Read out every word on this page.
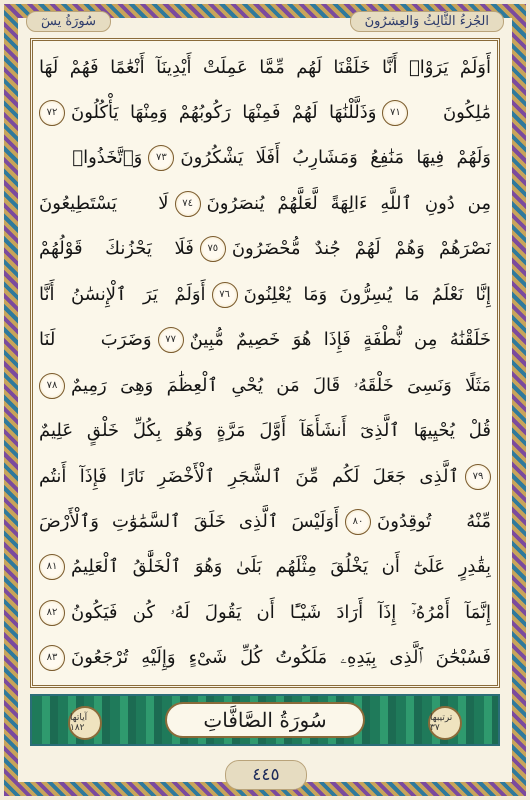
الجُزءُ الثَّالِثُ وَالعِشرُونَ
سُورَةُ يسٓ
أَوَلَمْ يَرَوْا۟ أَنَّا خَلَقْنَا لَهُم مِّمَّا عَمِلَتْ أَيْدِينَآ أَنْعَٰمًا فَهُمْ لَهَا
مَٰلِكُونَ
٧١
وَذَلَّلْنَٰهَا لَهُمْ فَمِنْهَا رَكُوبُهُمْ وَمِنْهَا يَأْكُلُونَ
٧٢
وَلَهُمْ فِيهَا مَنَٰفِعُ وَمَشَارِبُ أَفَلَا يَشْكُرُونَ
٧٣
وَٱتَّخَذُوا۟
مِن دُونِ ٱللَّهِ ءَالِهَةً لَّعَلَّهُمْ يُنصَرُونَ
٧٤
لَا يَسْتَطِيعُونَ
نَصْرَهُمْ وَهُمْ لَهُمْ جُندٌ مُّحْضَرُونَ
٧٥
فَلَا يَحْزُنكَ قَوْلُهُمْ
إِنَّا نَعْلَمُ مَا يُسِرُّونَ وَمَا يُعْلِنُونَ
٧٦
أَوَلَمْ يَرَ ٱلْإِنسَٰنُ أَنَّا
خَلَقْنَٰهُ مِن نُّطْفَةٍ فَإِذَا هُوَ خَصِيمٌ مُّبِينٌ
٧٧
وَضَرَبَ لَنَا
مَثَلًا وَنَسِىَ خَلْقَهُۥ قَالَ مَن يُحْىِ ٱلْعِظَٰمَ وَهِىَ رَمِيمٌ
٧٨
قُلْ يُحْيِيهَا ٱلَّذِىٓ أَنشَأَهَآ أَوَّلَ مَرَّةٍ وَهُوَ بِكُلِّ خَلْقٍ عَلِيمٌ
٧٩
ٱلَّذِى جَعَلَ لَكُم مِّنَ ٱلشَّجَرِ ٱلْأَخْضَرِ نَارًا فَإِذَآ أَنتُم
مِّنْهُ تُوقِدُونَ
٨٠
أَوَلَيْسَ ٱلَّذِى خَلَقَ ٱلسَّمَٰوَٰتِ وَٱلْأَرْضَ
بِقَٰدِرٍ عَلَىٰٓ أَن يَخْلُقَ مِثْلَهُم بَلَىٰ وَهُوَ ٱلْخَلَّٰقُ ٱلْعَلِيمُ
٨١
إِنَّمَآ أَمْرُهُۥٓ إِذَآ أَرَادَ شَيْـًٔا أَن يَقُولَ لَهُۥ كُن فَيَكُونُ
٨٢
فَسُبْحَٰنَ ٱلَّذِى بِيَدِهِۦ مَلَكُوتُ كُلِّ شَىْءٍ وَإِلَيْهِ تُرْجَعُونَ
٨٣
آياتها ١٨٢	سُورَةُ الصَّافَّاتِ	ترتيبها ٣٧
٤٤٥
